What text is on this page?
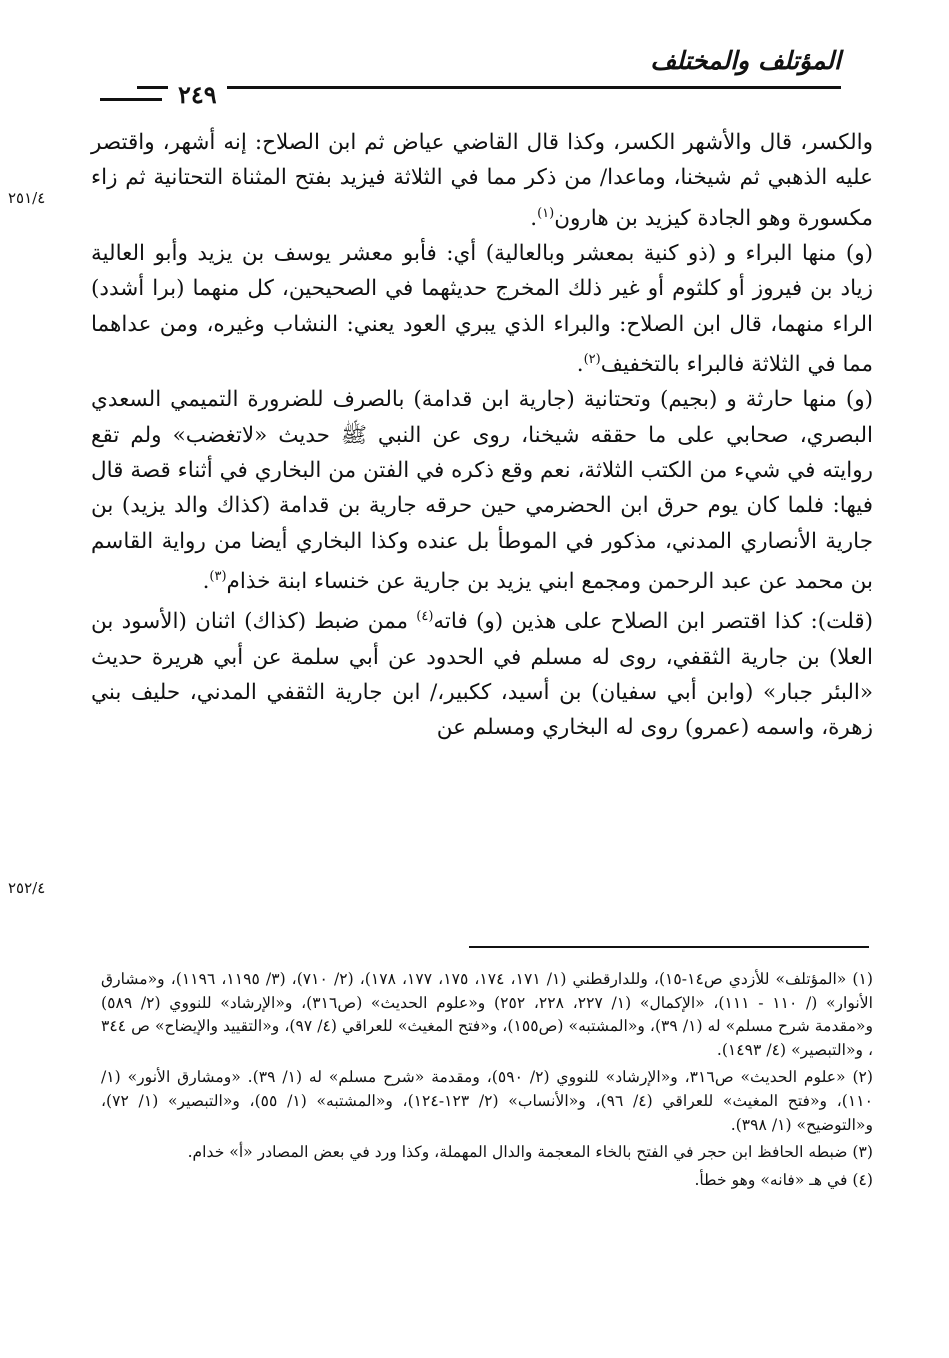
المؤتلف والمختلف
٢٤٩
٢٥١/٤
٢٥٢/٤

والكسر، قال والأشهر الكسر، وكذا قال القاضي عياض ثم ابن الصلاح: إنه أشهر، واقتصر عليه الذهبي ثم شيخنا، وماعدا/ من ذكر مما في الثلاثة فيزيد بفتح المثناة التحتانية ثم زاء مكسورة وهو الجادة كيزيد بن هارون$^{(١)}$.

(و) منها البراء و (ذو كنية بمعشر وبالعالية) أي: فأبو معشر يوسف بن يزيد وأبو العالية زياد بن فيروز أو كلثوم أو غير ذلك المخرج حديثهما في الصحيحين، كل منهما (برا أشدد) الراء منهما، قال ابن الصلاح: والبراء الذي يبري العود يعني: النشاب وغيره، ومن عداهما مما في الثلاثة فالبراء بالتخفيف$^{(٢)}$.

(و) منها حارثة و (بجيم) وتحتانية (جارية ابن قدامة) بالصرف للضرورة التميمي السعدي البصري، صحابي على ما حققه شيخنا، روى عن النبي ﷺ حديث «لاتغضب» ولم تقع روايته في شيء من الكتب الثلاثة، نعم وقع ذكره في الفتن من البخاري في أثناء قصة قال فيها: فلما كان يوم حرق ابن الحضرمي حين حرقه جارية بن قدامة (كذاك والد يزيد) بن جارية الأنصاري المدني، مذكور في الموطأ بل عنده وكذا البخاري أيضا من رواية القاسم بن محمد عن عبد الرحمن ومجمع ابني يزيد بن جارية عن خنساء ابنة خذام$^{(٣)}$.

(قلت): كذا اقتصر ابن الصلاح على هذين (و) فاته$^{(٤)}$ ممن ضبط (كذاك) اثنان (الأسود بن العلا) بن جارية الثقفي، روى له مسلم في الحدود عن أبي سلمة عن أبي هريرة حديث «البئر جبار» (وابن أبي سفيان) بن أسيد، ككبير،/ ابن جارية الثقفي المدني، حليف بني زهرة، واسمه (عمرو) روى له البخاري ومسلم عن

(١) «المؤتلف» للأزدي ص١٤-١٥)، وللدارقطني (١/ ١٧١، ١٧٤، ١٧٥، ١٧٧، ١٧٨)، (٢/ ٧١٠)، (٣/ ١١٩٥، ١١٩٦)، و«مشارق الأنوار» (/ ١١٠ - ١١١)، «الإكمال» (١/ ٢٢٧، ٢٢٨، ٢٥٢) و«علوم الحديث» (ص٣١٦)، و«الإرشاد» للنووي (٢/ ٥٨٩) و«مقدمة شرح مسلم» له (١/ ٣٩)، و«المشتبه» (ص١٥٥)، و«فتح المغيث» للعراقي (٤/ ٩٧)، و«التقييد والإيضاح» ص ٣٤٤ ، و«التبصير» (٤/ ١٤٩٣).

(٢) «علوم الحديث» ص٣١٦، و«الإرشاد» للنووي (٢/ ٥٩٠)، ومقدمة «شرح مسلم» له (١/ ٣٩). «ومشارق الأنور» (١/ ١١٠)، و«فتح المغيث» للعراقي (٤/ ٩٦)، و«الأنساب» (٢/ ١٢٣-١٢٤)، و«المشتبه» (١/ ٥٥)، و«التبصير» (١/ ٧٢)، و«التوضيح» (١/ ٣٩٨).

(٣) ضبطه الحافظ ابن حجر في الفتح بالخاء المعجمة والدال المهملة، وكذا ورد في بعض المصادر «أ» خدام.

(٤) في هـ «فانه» وهو خطأ.
